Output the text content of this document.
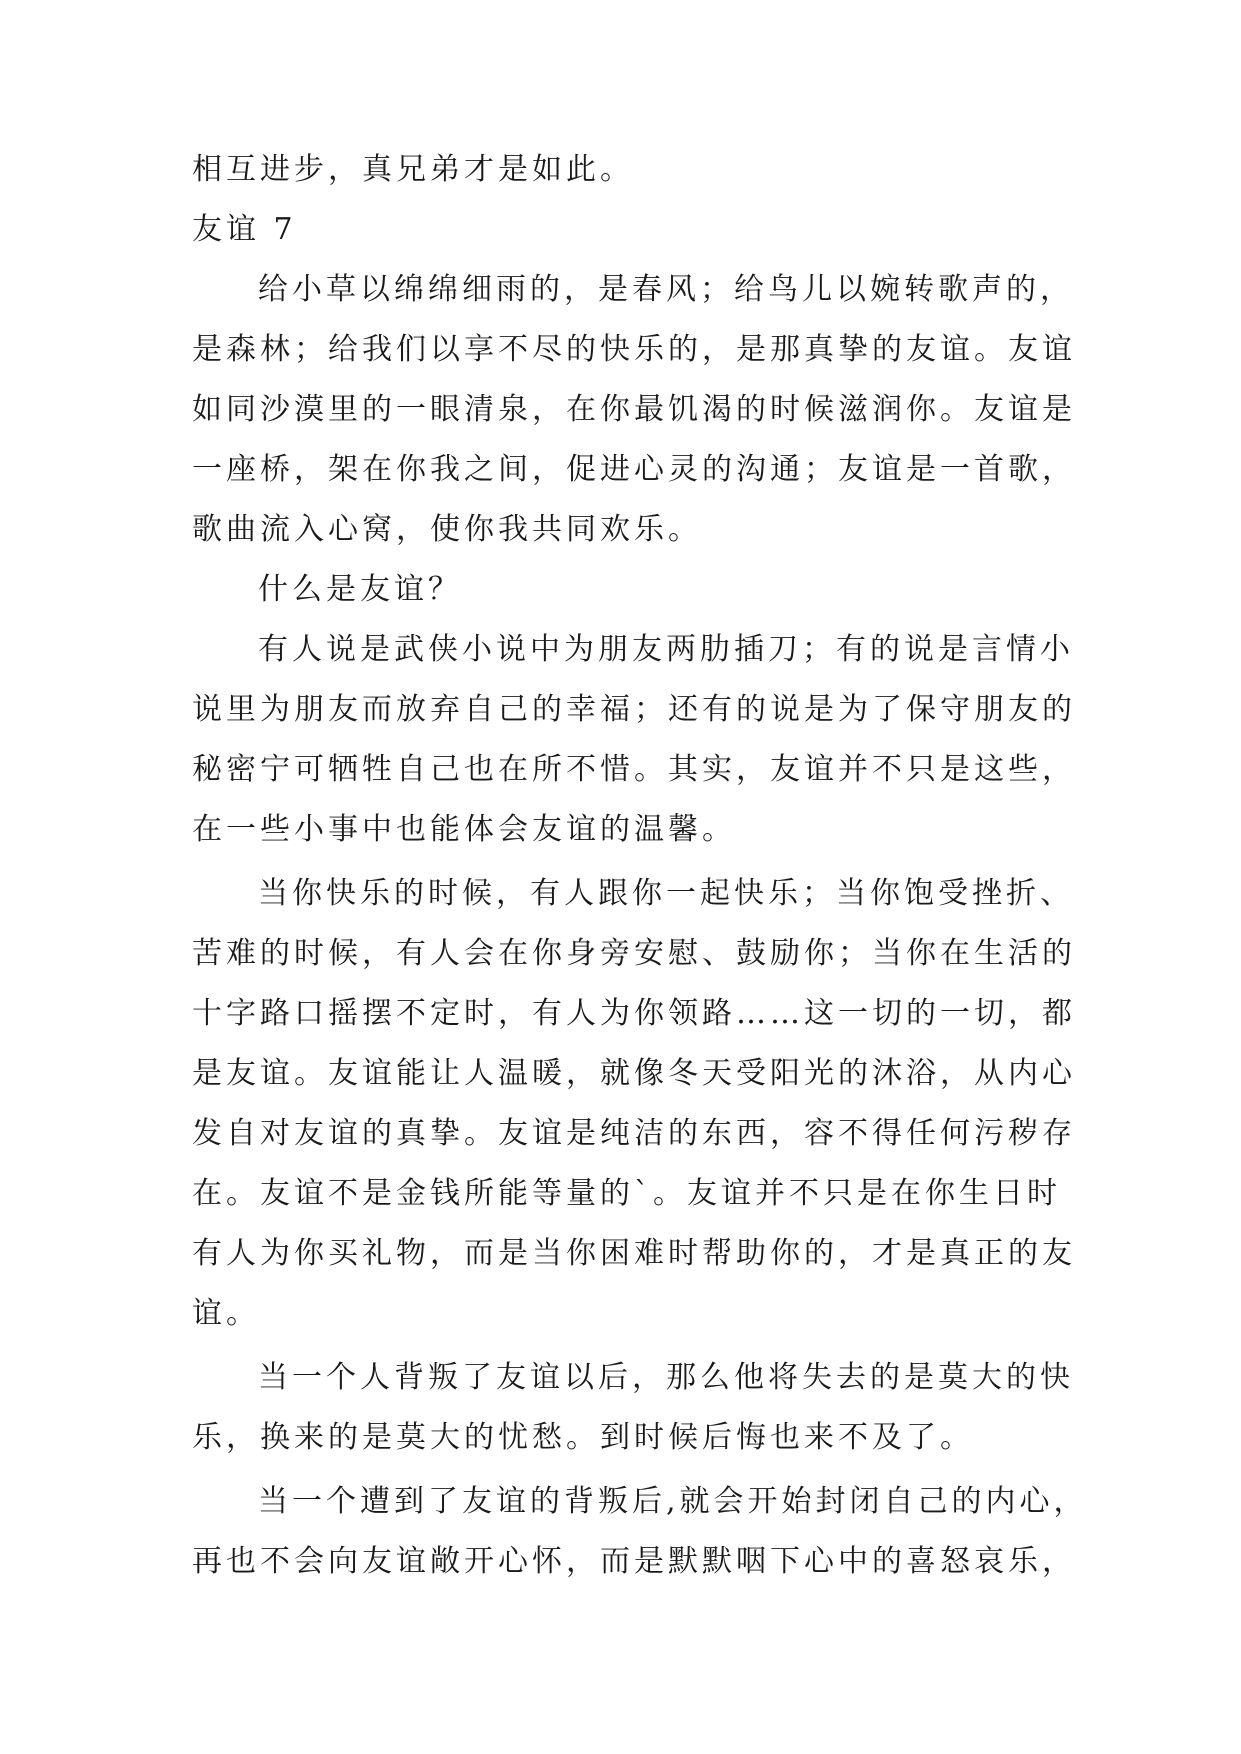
相互进步，真兄弟才是如此。
友谊 7
给小草以绵绵细雨的，是春风；给鸟儿以婉转歌声的，
是森林；给我们以享不尽的快乐的，是那真挚的友谊。友谊
如同沙漠里的一眼清泉，在你最饥渴的时候滋润你。友谊是
一座桥，架在你我之间，促进心灵的沟通；友谊是一首歌，
歌曲流入心窝，使你我共同欢乐。
什么是友谊？
有人说是武侠小说中为朋友两肋插刀；有的说是言情小
说里为朋友而放弃自己的幸福；还有的说是为了保守朋友的
秘密宁可牺牲自己也在所不惜。其实，友谊并不只是这些，
在一些小事中也能体会友谊的温馨。
当你快乐的时候，有人跟你一起快乐；当你饱受挫折、
苦难的时候，有人会在你身旁安慰、鼓励你；当你在生活的
十字路口摇摆不定时，有人为你领路……这一切的一切，都
是友谊。友谊能让人温暖，就像冬天受阳光的沐浴，从内心
发自对友谊的真挚。友谊是纯洁的东西，容不得任何污秽存
在。友谊不是金钱所能等量的`。友谊并不只是在你生日时
有人为你买礼物，而是当你困难时帮助你的，才是真正的友
谊。
当一个人背叛了友谊以后，那么他将失去的是莫大的快
乐，换来的是莫大的忧愁。到时候后悔也来不及了。
当一个遭到了友谊的背叛后,就会开始封闭自己的内心，
再也不会向友谊敞开心怀，而是默默咽下心中的喜怒哀乐，
